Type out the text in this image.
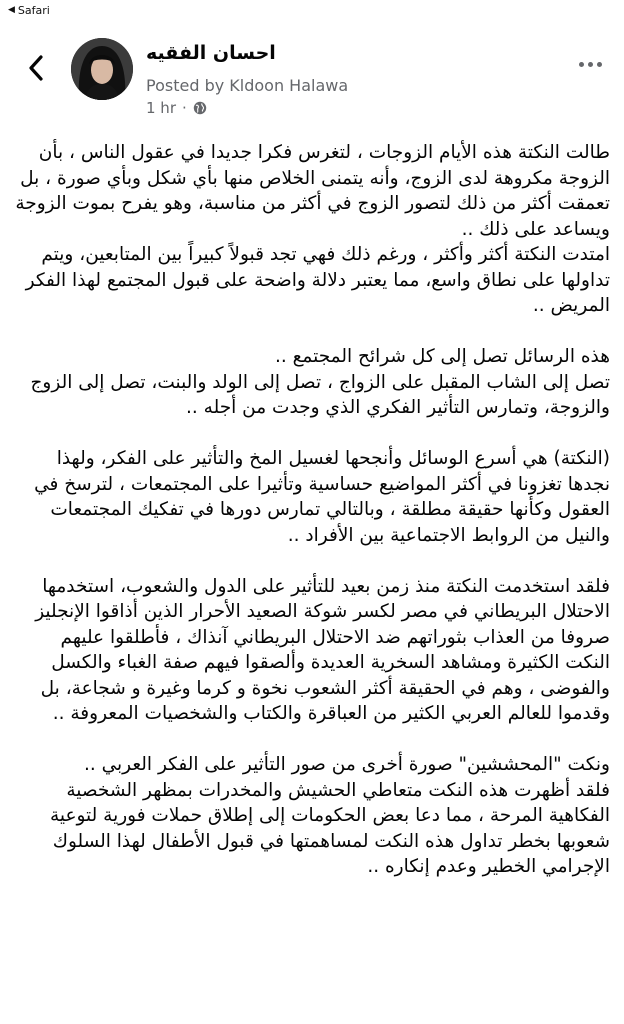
◀ Safari
احسان الفقيه
Posted by Kldoon Halawa
1 hr ·

طالت النكتة هذه الأيام الزوجات ، لتغرس فكرا جديدا في عقول الناس ، بأن الزوجة مكروهة لدى الزوج، وأنه يتمنى الخلاص منها بأي شكل وبأي صورة ، بل تعمقت أكثر من ذلك لتصور الزوج في أكثر من مناسبة، وهو يفرح بموت الزوجة ويساعد على ذلك ..
امتدت النكتة أكثر وأكثر ، ورغم ذلك فهي تجد قبولاً كبيراً بين المتابعين، ويتم تداولها على نطاق واسع، مما يعتبر دلالة واضحة على قبول المجتمع لهذا الفكر المريض ..

هذه الرسائل تصل إلى كل شرائح المجتمع ..
تصل إلى الشاب المقبل على الزواج ، تصل إلى الولد والبنت، تصل إلى الزوج والزوجة، وتمارس التأثير الفكري الذي وجدت من أجله ..

(النكتة) هي أسرع الوسائل وأنجحها لغسيل المخ والتأثير على الفكر، ولهذا نجدها تغزونا في أكثر المواضيع حساسية وتأثيرا على المجتمعات ، لترسخ في العقول وكأنها حقيقة مطلقة ، وبالتالي تمارس دورها في تفكيك المجتمعات والنيل من الروابط الاجتماعية بين الأفراد ..

فلقد استخدمت النكتة منذ زمن بعيد للتأثير على الدول والشعوب، استخدمها الاحتلال البريطاني في مصر لكسر شوكة الصعيد الأحرار الذين أذاقوا الإنجليز صروفا من العذاب بثوراتهم ضد الاحتلال البريطاني آنذاك ، فأطلقوا عليهم النكت الكثيرة ومشاهد السخرية العديدة وألصقوا فيهم صفة الغباء والكسل والفوضى ، وهم في الحقيقة أكثر الشعوب نخوة و كرما وغيرة و شجاعة، بل وقدموا للعالم العربي الكثير من العباقرة والكتاب والشخصيات المعروفة ..

ونكت "المحششين" صورة أخرى من صور التأثير على الفكر العربي ..
فلقد أظهرت هذه النكت متعاطي الحشيش والمخدرات بمظهر الشخصية الفكاهية المرحة ، مما دعا بعض الحكومات إلى إطلاق حملات فورية لتوعية شعوبها بخطر تداول هذه النكت لمساهمتها في قبول الأطفال لهذا السلوك الإجرامي الخطير وعدم إنكاره ..
